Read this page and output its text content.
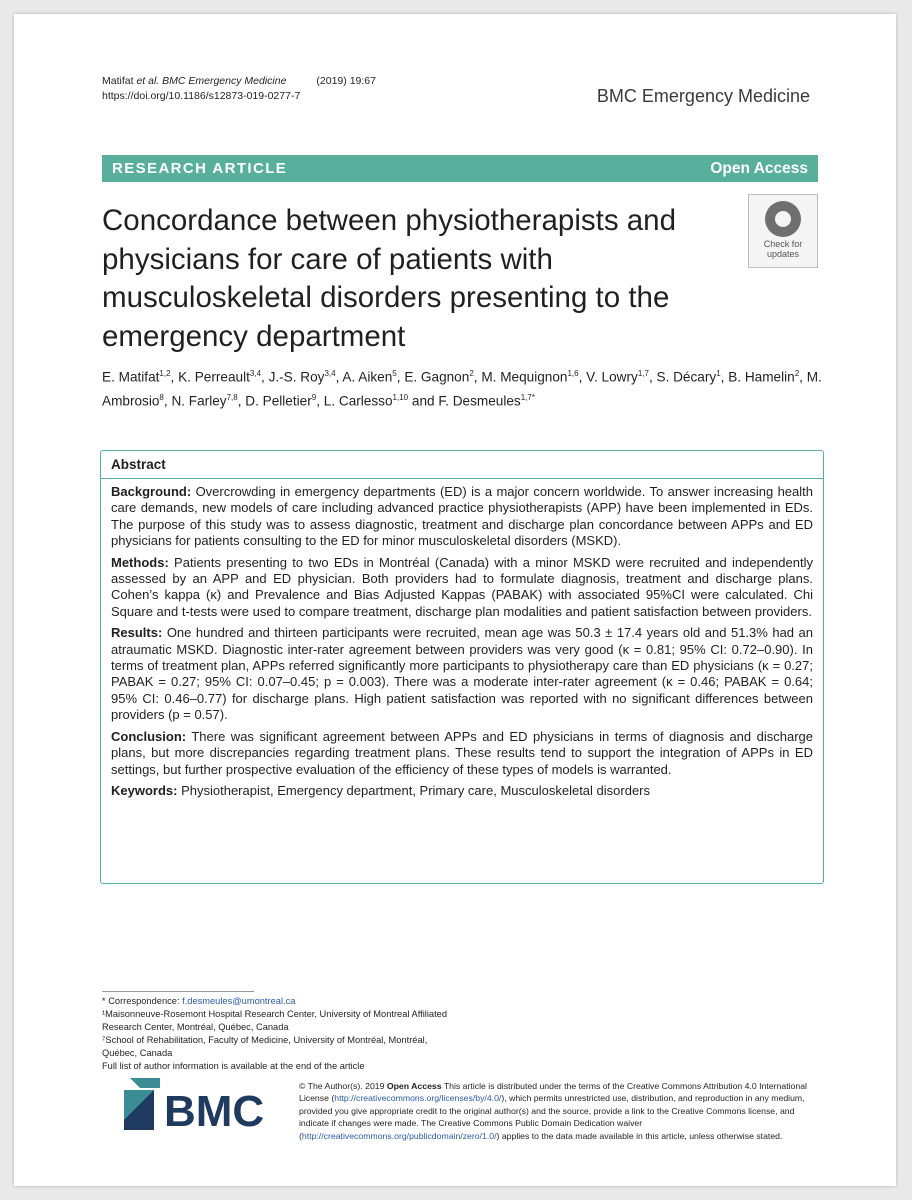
Matifat et al. BMC Emergency Medicine	(2019) 19:67
https://doi.org/10.1186/s12873-019-0277-7	BMC Emergency Medicine
RESEARCH ARTICLE	Open Access
Concordance between physiotherapists and physicians for care of patients with musculoskeletal disorders presenting to the emergency department
Check for
updates
E. Matifat$^{1,2}$, K. Perreault$^{3,4}$, J.-S. Roy$^{3,4}$, A. Aiken$^5$, E. Gagnon$^2$, M. Mequignon$^{1,6}$, V. Lowry$^{1,7}$, S. Décary$^1$, B. Hamelin$^2$, M. Ambrosio$^8$, N. Farley$^{7,8}$, D. Pelletier$^9$, L. Carlesso$^{1,10}$ and F. Desmeules$^{1,7*}$
Abstract

Background: Overcrowding in emergency departments (ED) is a major concern worldwide. To answer increasing health care demands, new models of care including advanced practice physiotherapists (APP) have been implemented in EDs. The purpose of this study was to assess diagnostic, treatment and discharge plan concordance between APPs and ED physicians for patients consulting to the ED for minor musculoskeletal disorders (MSKD).

Methods: Patients presenting to two EDs in Montréal (Canada) with a minor MSKD were recruited and independently assessed by an APP and ED physician. Both providers had to formulate diagnosis, treatment and discharge plans. Cohen’s kappa (κ) and Prevalence and Bias Adjusted Kappas (PABAK) with associated 95%CI were calculated. Chi Square and t-tests were used to compare treatment, discharge plan modalities and patient satisfaction between providers.

Results: One hundred and thirteen participants were recruited, mean age was 50.3 ± 17.4 years old and 51.3% had an atraumatic MSKD. Diagnostic inter-rater agreement between providers was very good (κ = 0.81; 95% CI: 0.72–0.90). In terms of treatment plan, APPs referred significantly more participants to physiotherapy care than ED physicians (κ = 0.27; PABAK = 0.27; 95% CI: 0.07–0.45; p = 0.003). There was a moderate inter-rater agreement (κ = 0.46; PABAK = 0.64; 95% CI: 0.46–0.77) for discharge plans. High patient satisfaction was reported with no significant differences between providers (p = 0.57).

Conclusion: There was significant agreement between APPs and ED physicians in terms of diagnosis and discharge plans, but more discrepancies regarding treatment plans. These results tend to support the integration of APPs in ED settings, but further prospective evaluation of the efficiency of these types of models is warranted.

Keywords: Physiotherapist, Emergency department, Primary care, Musculoskeletal disorders

* Correspondence: f.desmeules@umontreal.ca
¹Maisonneuve-Rosemont Hospital Research Center, University of Montreal Affiliated Research Center, Montréal, Québec, Canada
⁷School of Rehabilitation, Faculty of Medicine, University of Montréal, Montréal, Québec, Canada
Full list of author information is available at the end of the article
BMC
© The Author(s). 2019 Open Access This article is distributed under the terms of the Creative Commons Attribution 4.0 International License (http://creativecommons.org/licenses/by/4.0/), which permits unrestricted use, distribution, and reproduction in any medium, provided you give appropriate credit to the original author(s) and the source, provide a link to the Creative Commons license, and indicate if changes were made. The Creative Commons Public Domain Dedication waiver (http://creativecommons.org/publicdomain/zero/1.0/) applies to the data made available in this article, unless otherwise stated.
